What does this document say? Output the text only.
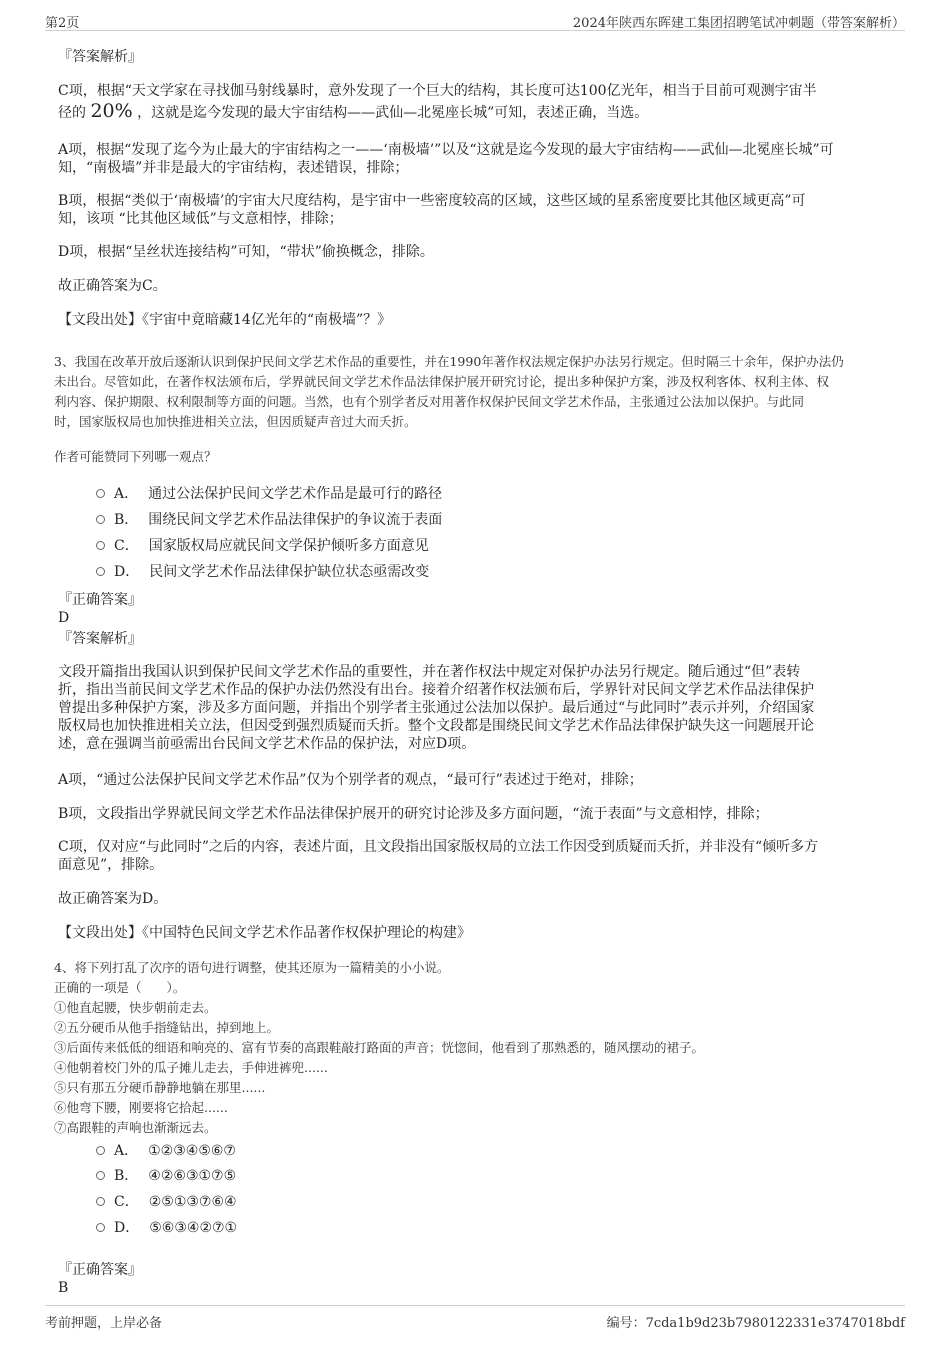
第2页	2024年陕西东晖建工集团招聘笔试冲刺题（带答案解析）
『答案解析』
C项，根据“天文学家在寻找伽马射线暴时，意外发现了一个巨大的结构，其长度可达100亿光年，相当于目前可观测宇宙半
径的 20% ，这就是迄今发现的最大宇宙结构——武仙—北冕座长城”可知，表述正确，当选。
A项，根据“发现了迄今为止最大的宇宙结构之一——‘南极墙’”以及“这就是迄今发现的最大宇宙结构——武仙—北冕座长城”可
知，“南极墙”并非是最大的宇宙结构，表述错误，排除；
B项，根据“类似于‘南极墙’的宇宙大尺度结构，是宇宙中一些密度较高的区域，这些区域的星系密度要比其他区域更高”可
知，该项 “比其他区域低”与文意相悖，排除；
D项，根据“呈丝状连接结构”可知，“带状”偷换概念，排除。
故正确答案为C。
【文段出处】《宇宙中竟暗藏14亿光年的“南极墙”？》
3、我国在改革开放后逐渐认识到保护民间文学艺术作品的重要性，并在1990年著作权法规定保护办法另行规定。但时隔三十余年，保护办法仍
未出台。尽管如此，在著作权法颁布后，学界就民间文学艺术作品法律保护展开研究讨论，提出多种保护方案，涉及权利客体、权利主体、权
利内容、保护期限、权利限制等方面的问题。当然，也有个别学者反对用著作权保护民间文学艺术作品，主张通过公法加以保护。与此同
时，国家版权局也加快推进相关立法，但因质疑声音过大而夭折。
作者可能赞同下列哪一观点？
A． 通过公法保护民间文学艺术作品是最可行的路径
B． 围绕民间文学艺术作品法律保护的争议流于表面
C． 国家版权局应就民间文学保护倾听多方面意见
D． 民间文学艺术作品法律保护缺位状态亟需改变
『正确答案』
D
『答案解析』
文段开篇指出我国认识到保护民间文学艺术作品的重要性，并在著作权法中规定对保护办法另行规定。随后通过“但”表转
折，指出当前民间文学艺术作品的保护办法仍然没有出台。接着介绍著作权法颁布后，学界针对民间文学艺术作品法律保护
曾提出多种保护方案，涉及多方面问题，并指出个别学者主张通过公法加以保护。最后通过“与此同时”表示并列，介绍国家
版权局也加快推进相关立法，但因受到强烈质疑而夭折。整个文段都是围绕民间文学艺术作品法律保护缺失这一问题展开论
述，意在强调当前亟需出台民间文学艺术作品的保护法，对应D项。
A项，“通过公法保护民间文学艺术作品”仅为个别学者的观点，“最可行”表述过于绝对，排除；
B项，文段指出学界就民间文学艺术作品法律保护展开的研究讨论涉及多方面问题，“流于表面”与文意相悖，排除；
C项，仅对应“与此同时”之后的内容，表述片面，且文段指出国家版权局的立法工作因受到质疑而夭折，并非没有“倾听多方
面意见”，排除。
故正确答案为D。
【文段出处】《中国特色民间文学艺术作品著作权保护理论的构建》
4、将下列打乱了次序的语句进行调整，使其还原为一篇精美的小小说。
正确的一项是（　　）。
①他直起腰，快步朝前走去。
②五分硬币从他手指缝钻出，掉到地上。
③后面传来低低的细语和响亮的、富有节奏的高跟鞋敲打路面的声音；恍惚间，他看到了那熟悉的，随风摆动的裙子。
④他朝着校门外的瓜子摊儿走去，手伸进裤兜......
⑤只有那五分硬币静静地躺在那里......
⑥他弯下腰，刚要将它拾起......
⑦高跟鞋的声响也渐渐远去。
A． ①②③④⑤⑥⑦
B． ④②⑥③①⑦⑤
C． ②⑤①③⑦⑥④
D． ⑤⑥③④②⑦①
『正确答案』
B
考前押题，上岸必备	编号：7cda1b9d23b7980122331e3747018bdf
